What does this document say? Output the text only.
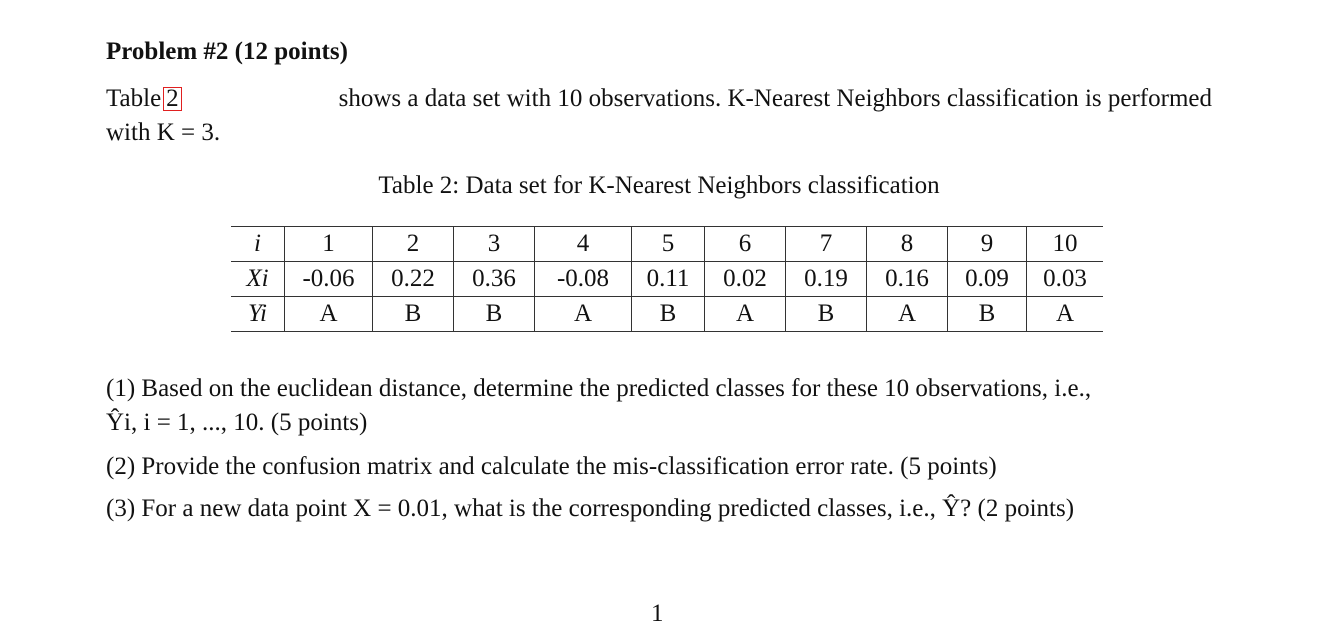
Problem #2 (12 points)
Table 2	shows a data set with 10 observations. K-Nearest Neighbors classification is performed
with K = 3.
Table 2: Data set for K-Nearest Neighbors classification
i	1	2	3	4	5	6	7	8	9	10
Xi	-0.06	0.22	0.36	-0.08	0.11	0.02	0.19	0.16	0.09	0.03
Yi	A	B	B	A	B	A	B	A	B	A
(1) Based on the euclidean distance, determine the predicted classes for these 10 observations, i.e.,
Ŷi, i = 1, ..., 10. (5 points)
(2) Provide the confusion matrix and calculate the mis-classification error rate. (5 points)
(3) For a new data point X = 0.01, what is the corresponding predicted classes, i.e., Ŷ? (2 points)
1
